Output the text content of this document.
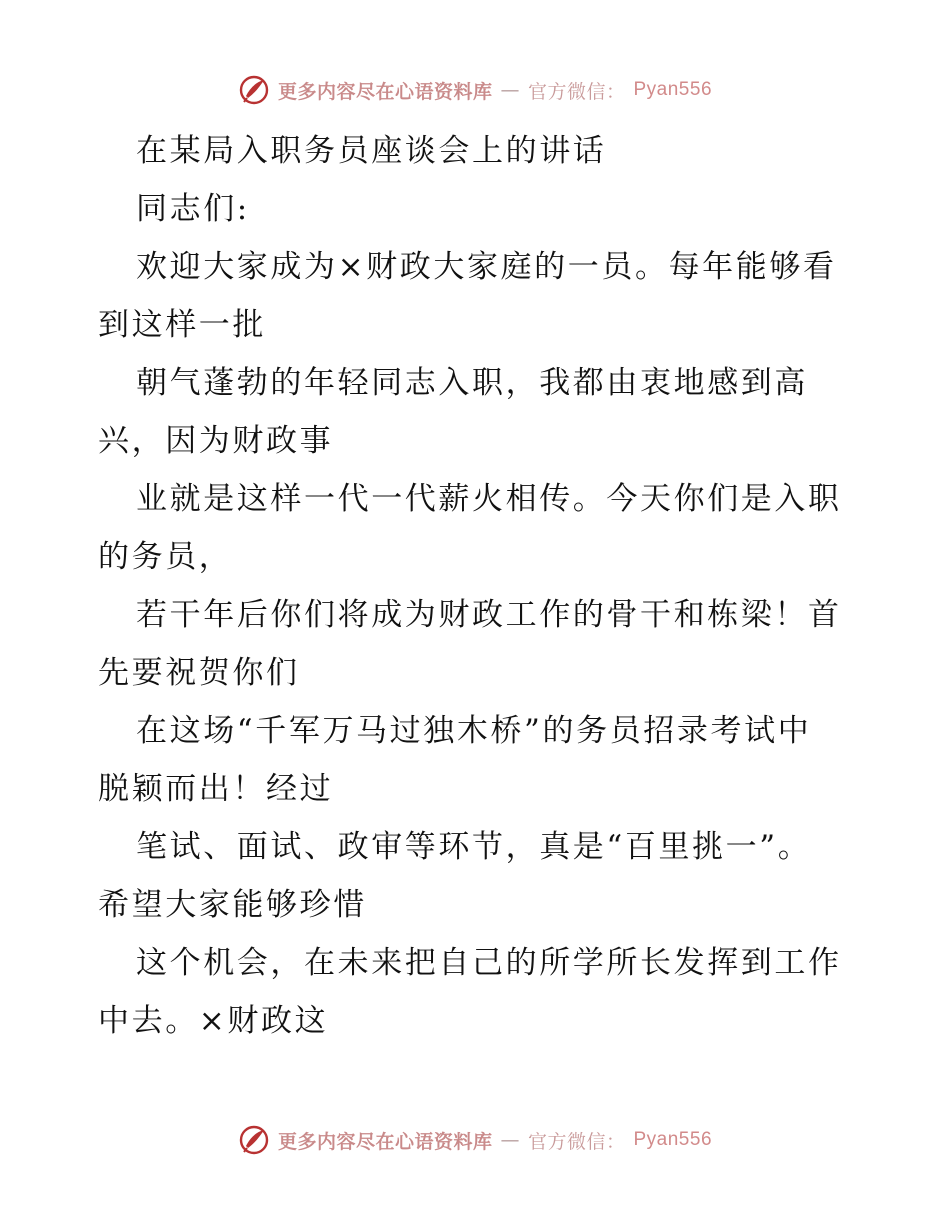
更多内容尽在心语资料库 — 官方微信： Pyan556
在某局入职务员座谈会上的讲话
同志们:
欢迎大家成为×财政大家庭的一员。每年能够看
到这样一批
朝气蓬勃的年轻同志入职，我都由衷地感到高
兴，因为财政事
业就是这样一代一代薪火相传。今天你们是入职
的务员，
若干年后你们将成为财政工作的骨干和栋梁！首
先要祝贺你们
在这场“千军万马过独木桥”的务员招录考试中
脱颖而出！经过
笔试、面试、政审等环节，真是“百里挑一”。
希望大家能够珍惜
这个机会，在未来把自己的所学所长发挥到工作
中去。×财政这
更多内容尽在心语资料库 — 官方微信： Pyan556
